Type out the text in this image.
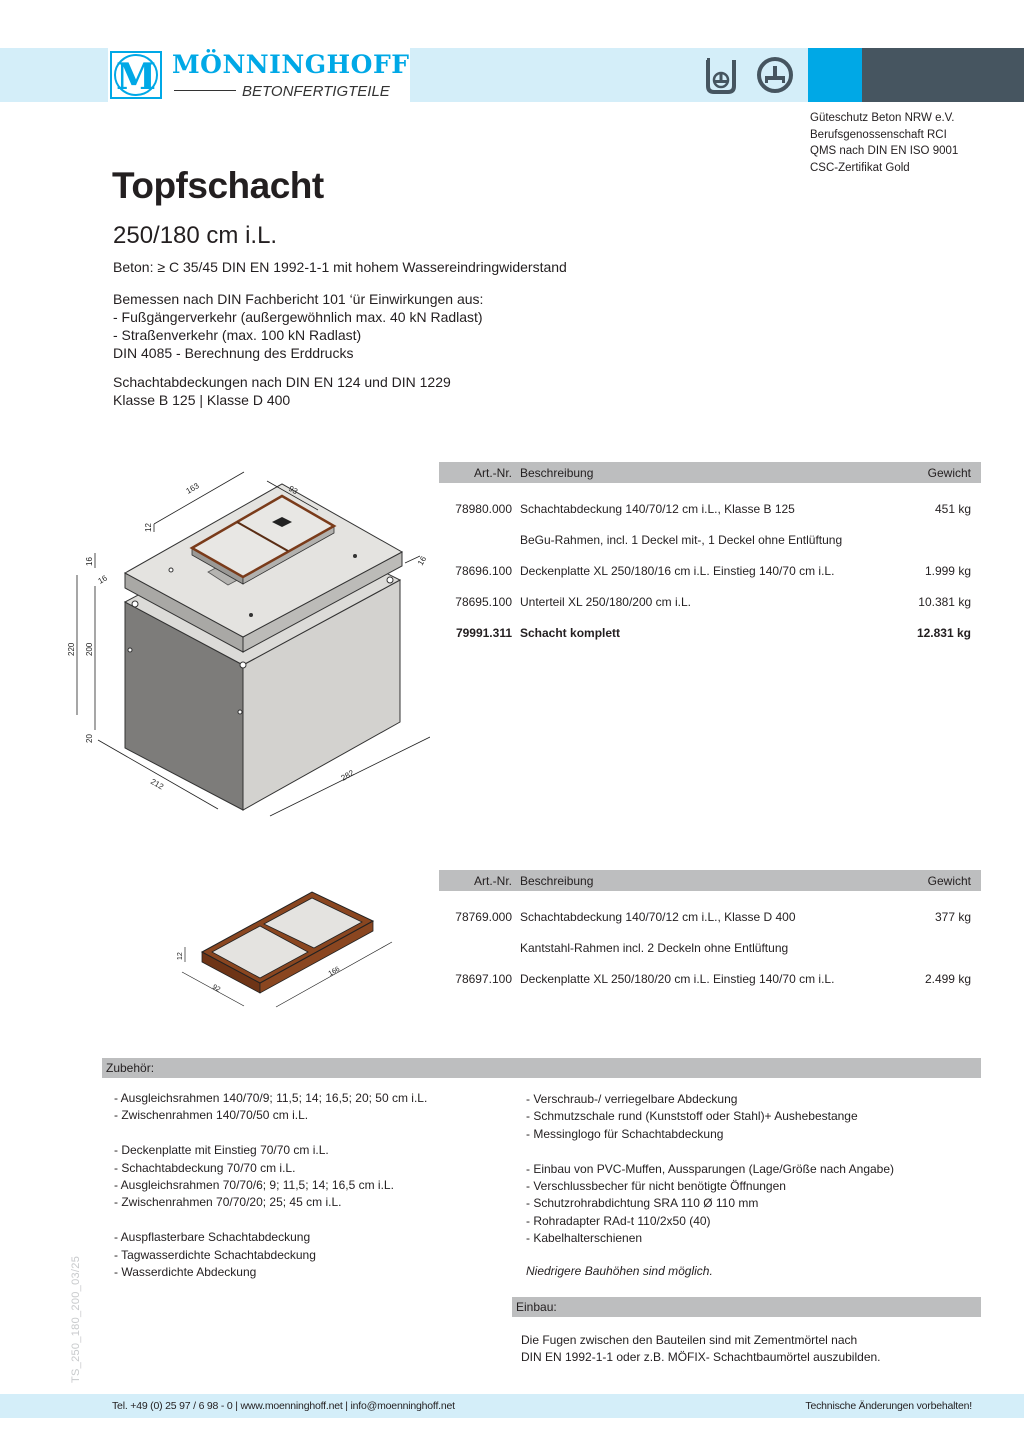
M MÖNNINGHOFF
BETONFERTIGTEILE
Güteschutz Beton NRW e.V.
Berufsgenossenschaft RCI
QMS nach DIN EN ISO 9001
CSC-Zertifikat Gold
Topfschacht
250/180 cm i.L.
Beton: ≥ C 35/45 DIN EN 1992-1-1 mit hohem Wassereindringwiderstand
Bemessen nach DIN Fachbericht 101 ‘ür Einwirkungen aus:
- Fußgängerverkehr (außergewöhnlich max. 40 kN Radlast)
- Straßenverkehr (max. 100 kN Radlast)
DIN 4085 - Berechnung des Erddrucks
Schachtabdeckungen nach DIN EN 124 und DIN 1229
Klasse B 125 | Klasse D 400
163	93
12
16
16
16
220 200
20
212
282
Art.-Nr. Beschreibung	Gewicht
78980.000 Schachtabdeckung 140/70/12 cm i.L., Klasse B 125	451 kg
BeGu-Rahmen, incl. 1 Deckel mit-, 1 Deckel ohne Entlüftung
78696.100 Deckenplatte XL 250/180/16 cm i.L. Einstieg 140/70 cm i.L.	1.999 kg
78695.100 Unterteil XL 250/180/200 cm i.L.	10.381 kg
79991.311 Schacht komplett	12.831 kg
12
92
166
Art.-Nr. Beschreibung	Gewicht
78769.000 Schachtabdeckung 140/70/12 cm i.L., Klasse D 400	377 kg
Kantstahl-Rahmen incl. 2 Deckeln ohne Entlüftung
78697.100 Deckenplatte XL 250/180/20 cm i.L. Einstieg 140/70 cm i.L.	2.499 kg
Zubehör:
- Ausgleichsrahmen 140/70/9; 11,5; 14; 16,5; 20; 50 cm i.L.
- Zwischenrahmen 140/70/50 cm i.L.
- Deckenplatte mit Einstieg 70/70 cm i.L.
- Schachtabdeckung 70/70 cm i.L.
- Ausgleichsrahmen 70/70/6; 9; 11,5; 14; 16,5 cm i.L.
- Zwischenrahmen 70/70/20; 25; 45 cm i.L.
- Auspflasterbare Schachtabdeckung
- Tagwasserdichte Schachtabdeckung
- Wasserdichte Abdeckung
- Verschraub-/ verriegelbare Abdeckung
- Schmutzschale rund (Kunststoff oder Stahl)+ Aushebestange
- Messinglogo für Schachtabdeckung
- Einbau von PVC-Muffen, Aussparungen (Lage/Größe nach Angabe)
- Verschlussbecher für nicht benötigte Öffnungen
- Schutzrohrabdichtung SRA 110 Ø 110 mm
- Rohradapter RAd-t 110/2x50 (40)
- Kabelhalterschienen
Niedrigere Bauhöhen sind möglich.
Einbau:
Die Fugen zwischen den Bauteilen sind mit Zementmörtel nach
DIN EN 1992-1-1 oder z.B. MÖFIX- Schachtbaumörtel auszubilden.
TS_250_180_200_03/25
Tel. +49 (0) 25 97 / 6 98 - 0 | www.moenninghoff.net | info@moenninghoff.net	Technische Änderungen vorbehalten!
